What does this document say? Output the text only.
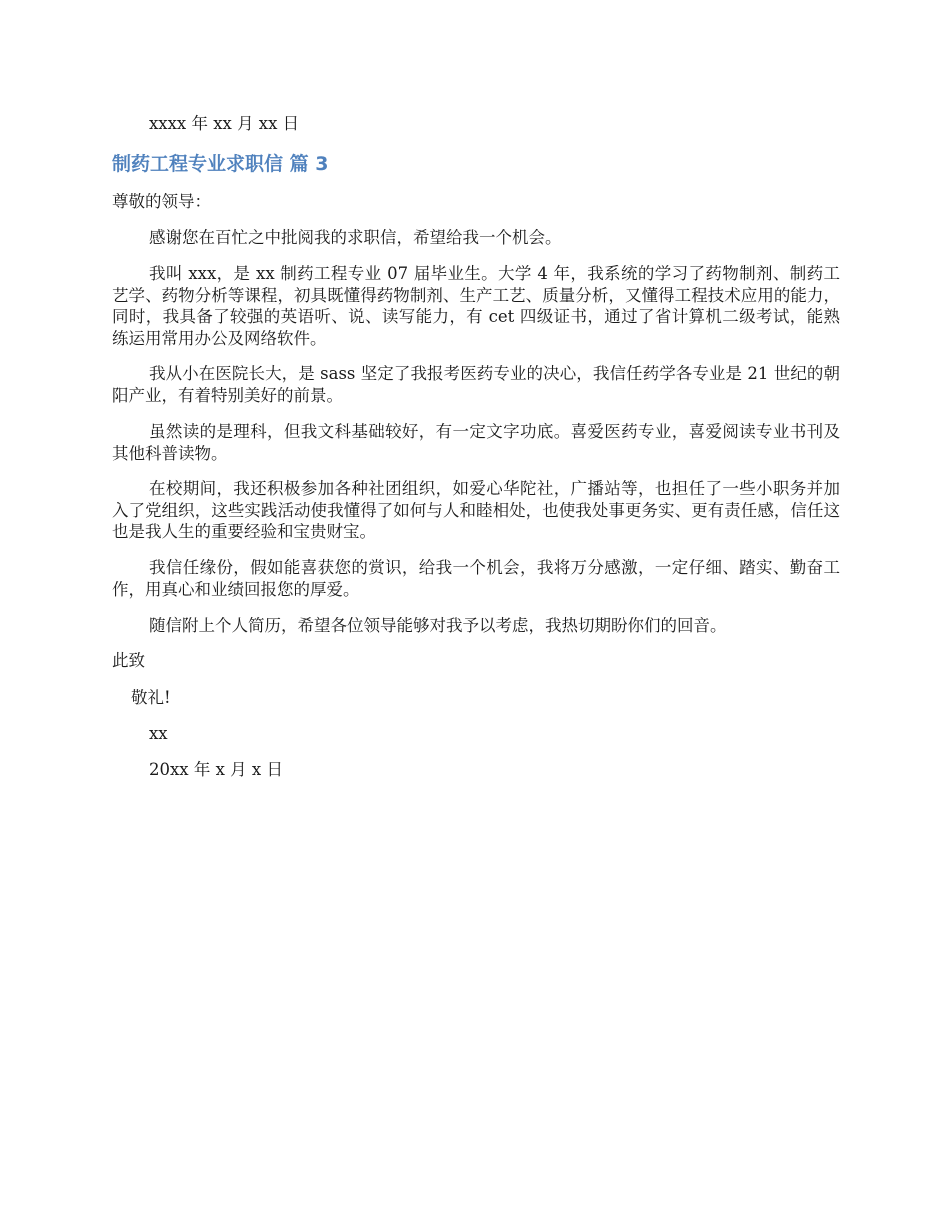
xxxx 年 xx 月 xx 日
制药工程专业求职信 篇 3
尊敬的领导：
感谢您在百忙之中批阅我的求职信，希望给我一个机会。
我叫 xxx，是 xx 制药工程专业 07 届毕业生。大学 4 年，我系统的学习了药物制剂、制药工艺学、药物分析等课程，初具既懂得药物制剂、生产工艺、质量分析，又懂得工程技术应用的能力，同时，我具备了较强的英语听、说、读写能力，有 cet 四级证书，通过了省计算机二级考试，能熟练运用常用办公及网络软件。
我从小在医院长大，是 sass 坚定了我报考医药专业的决心，我信任药学各专业是 21 世纪的朝阳产业，有着特别美好的前景。
虽然读的是理科，但我文科基础较好，有一定文字功底。喜爱医药专业，喜爱阅读专业书刊及其他科普读物。
在校期间，我还积极参加各种社团组织，如爱心华陀社，广播站等，也担任了一些小职务并加入了党组织，这些实践活动使我懂得了如何与人和睦相处，也使我处事更务实、更有责任感，信任这也是我人生的重要经验和宝贵财宝。
我信任缘份，假如能喜获您的赏识，给我一个机会，我将万分感激，一定仔细、踏实、勤奋工作，用真心和业绩回报您的厚爱。
随信附上个人简历，希望各位领导能够对我予以考虑，我热切期盼你们的回音。
此致
敬礼!
xx
20xx 年 x 月 x 日
